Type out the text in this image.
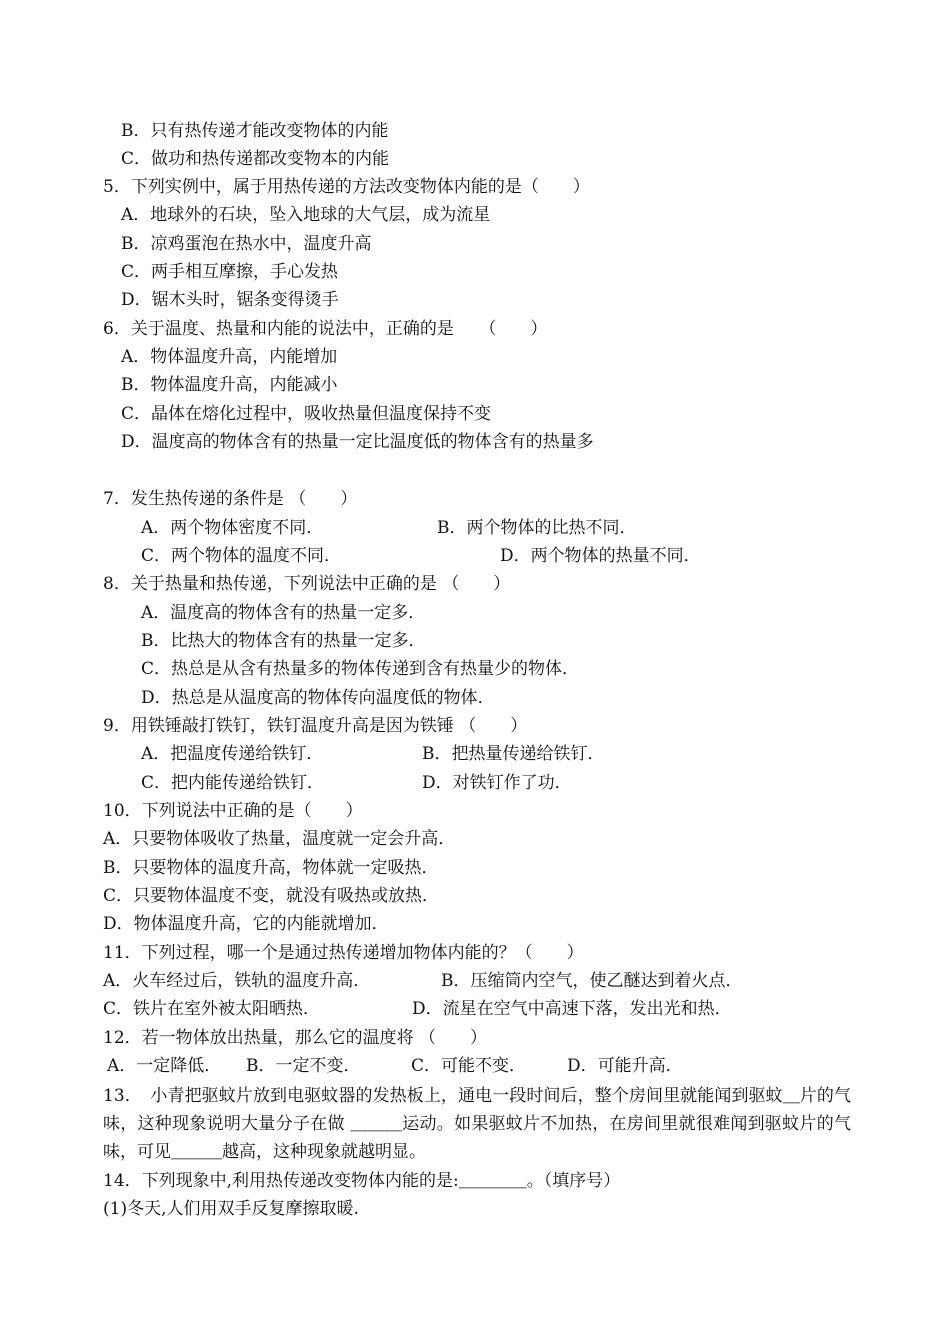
B．只有热传递才能改变物体的内能
C．做功和热传递都改变物本的内能
5．下列实例中，属于用热传递的方法改变物体内能的是（　　）
A．地球外的石块，坠入地球的大气层，成为流星
B．凉鸡蛋泡在热水中，温度升高
C．两手相互摩擦，手心发热
D．锯木头时，锯条变得烫手
6．关于温度、热量和内能的说法中，正确的是　　（　　）
A．物体温度升高，内能增加
B．物体温度升高，内能减小
C．晶体在熔化过程中，吸收热量但温度保持不变
D．温度高的物体含有的热量一定比温度低的物体含有的热量多
7．发生热传递的条件是 （　　）
A．两个物体密度不同．	B．两个物体的比热不同．
C．两个物体的温度不同．	D．两个物体的热量不同．
8．关于热量和热传递，下列说法中正确的是 （　　）
A．温度高的物体含有的热量一定多．
B．比热大的物体含有的热量一定多．
C．热总是从含有热量多的物体传递到含有热量少的物体．
D．热总是从温度高的物体传向温度低的物体．
9．用铁锤敲打铁钉，铁钉温度升高是因为铁锤 （　　）
A．把温度传递给铁钉．	B．把热量传递给铁钉．
C．把内能传递给铁钉．	D．对铁钉作了功．
10．下列说法中正确的是（　　）
A．只要物体吸收了热量，温度就一定会升高．
B．只要物体的温度升高，物体就一定吸热．
C．只要物体温度不变，就没有吸热或放热．
D．物体温度升高，它的内能就增加．
11．下列过程，哪一个是通过热传递增加物体内能的？（　　）
A．火车经过后，铁轨的温度升高．	B．压缩筒内空气，使乙醚达到着火点．
C．铁片在室外被太阳晒热．	D．流星在空气中高速下落，发出光和热．
12．若一物体放出热量，那么它的温度将 （　　）
A．一定降低． B．一定不变．	C．可能不变． D．可能升高．
13．　小青把驱蚊片放到电驱蚊器的发热板上，通电一段时间后，整个房间里就能闻到驱蚊＿片的气味，这种现象说明大量分子在做 ＿＿＿运动。如果驱蚊片不加热，在房间里就很难闻到驱蚊片的气味，可见＿＿＿越高，这种现象就越明显。
14．下列现象中,利用热传递改变物体内能的是:＿＿＿＿。（填序号）
(1)冬天,人们用双手反复摩擦取暖.
